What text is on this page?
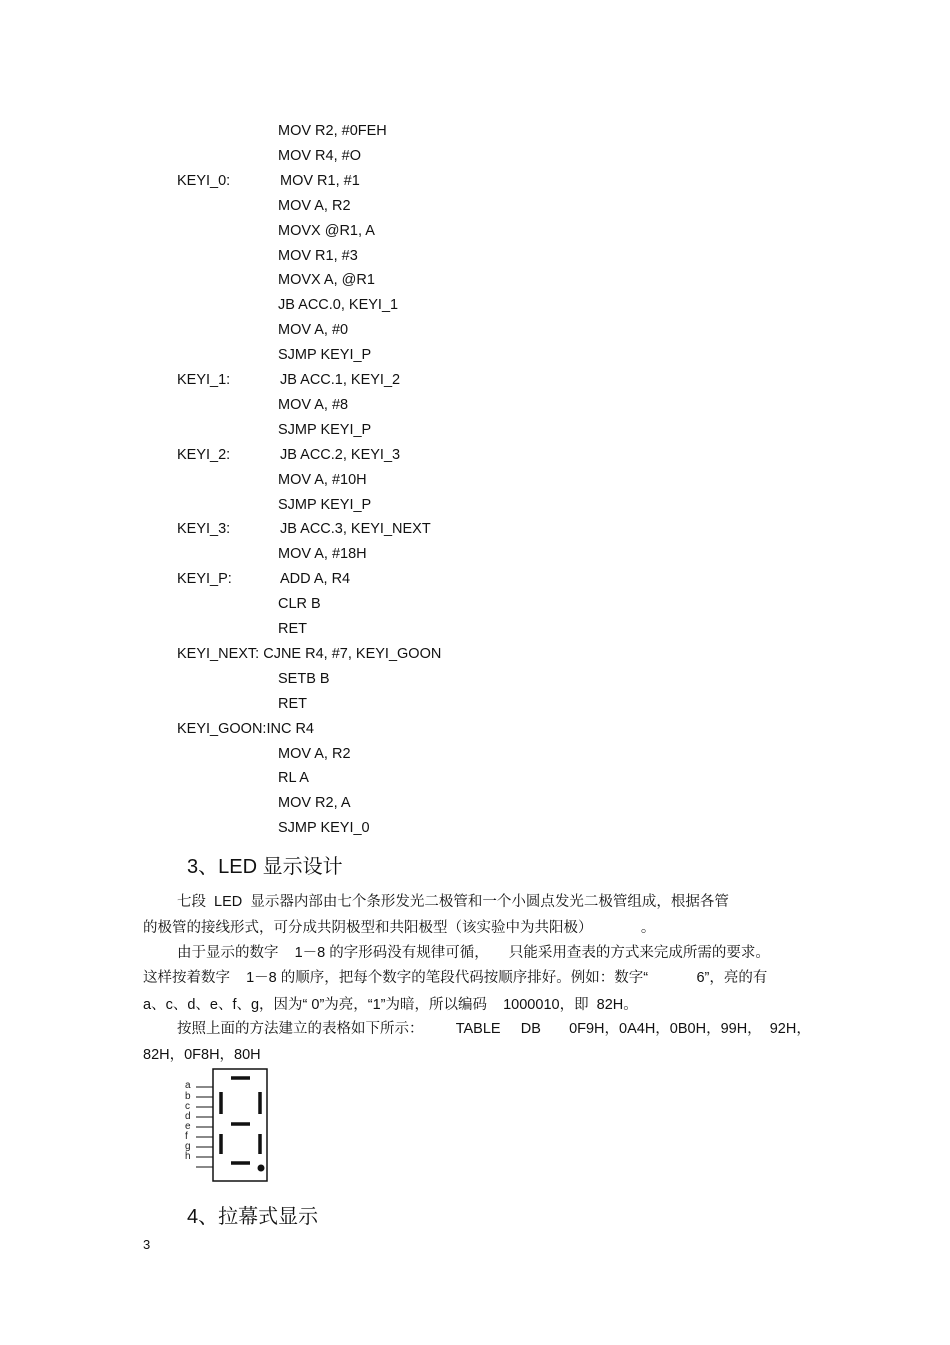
MOV R2, #0FEH
MOV R4, #O
KEYI_0:	MOV R1, #1
MOV A, R2
MOVX @R1, A
MOV R1, #3
MOVX A, @R1
JB ACC.0, KEYI_1
MOV A, #0
SJMP KEYI_P
KEYI_1:	JB ACC.1, KEYI_2
MOV A, #8
SJMP KEYI_P
KEYI_2:	JB ACC.2, KEYI_3
MOV A, #10H
SJMP KEYI_P
KEYI_3:	JB ACC.3, KEYI_NEXT
MOV A, #18H
KEYI_P:	ADD A, R4
CLR B
RET
KEYI_NEXT: CJNE R4, #7, KEYI_GOON
SETB B
RET
KEYI_GOON:INC R4
MOV A, R2
RL A
MOV R2, A
SJMP KEYI_0
3、LED 显示设计
七段  LED  显示器内部由七个条形发光二极管和一个小圆点发光二极管组成，根据各管
的极管的接线形式，可分成共阴极型和共阳极型（该实验中为共阳极）            。
由于显示的数字    1－8 的字形码没有规律可循，     只能采用查表的方式来完成所需的要求。
这样按着数字    1－8 的顺序，把每个数字的笔段代码按顺序排好。例如：数字“            6”，亮的有
a、c、d、e、f、g，因为“ 0”为亮，“1”为暗，所以编码    1000010，即  82H。
按照上面的方法建立的表格如下所示：        TABLE     DB       0F9H，0A4H，0B0H，99H，  92H，
82H，0F8H，80H
a
b
c
d
e
f
g
h
4、拉幕式显示
3
